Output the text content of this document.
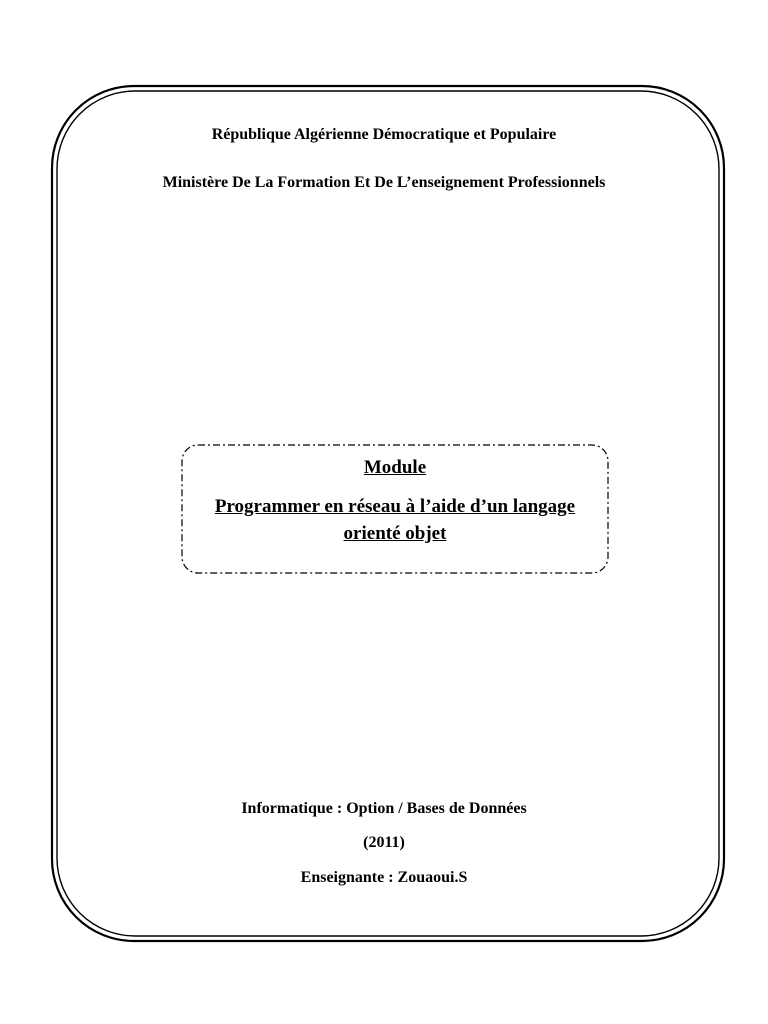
République Algérienne Démocratique et Populaire

Ministère De La Formation Et De L’enseignement Professionnels

Module

Programmer en réseau à l’aide d’un langage
orienté objet

Informatique : Option / Bases de Données

(2011)

Enseignante : Zouaoui.S
